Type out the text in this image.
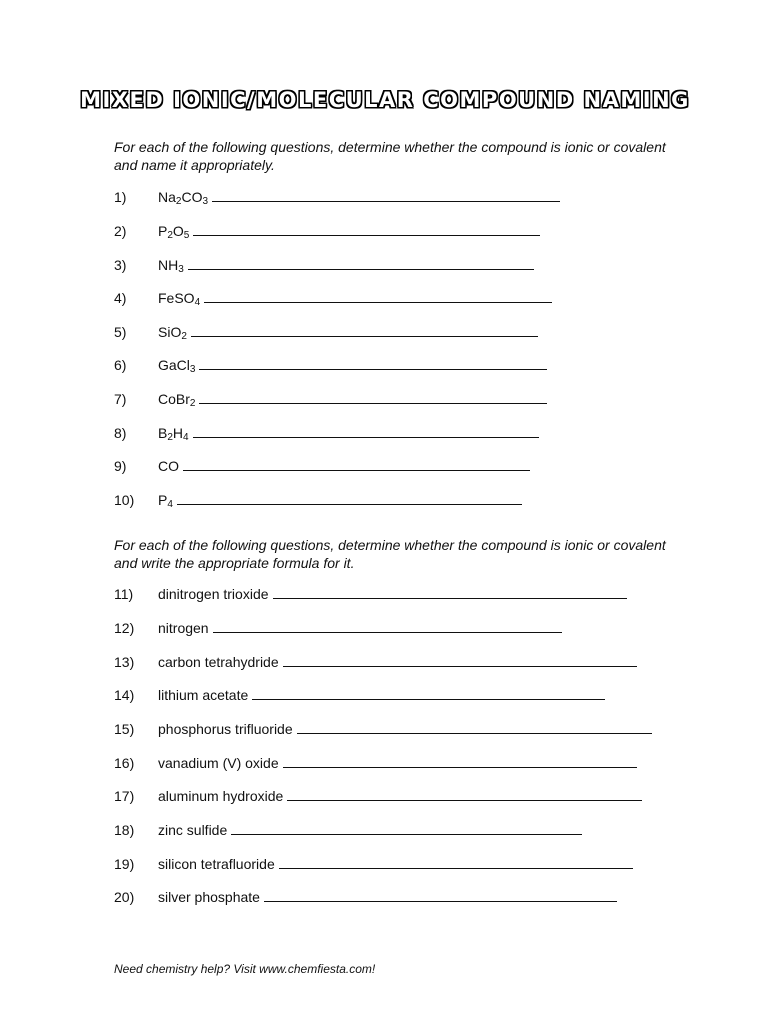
MIXED IONIC/MOLECULAR COMPOUND NAMING
For each of the following questions, determine whether the compound is ionic or covalent and name it appropriately.
1) $Na_2CO_3$
2) $P_2O_5$
3) $NH_3$
4) FeSO$_4$
5) SiO$_2$
6) GaCl$_3$
7) CoBr$_2$
8) $B_2H_4$
9) CO
10) $P_4$
11) dinitrogen trioxide
12) nitrogen
13) carbon tetrahydride
14) lithium acetate
15) phosphorus trifluoride
16) vanadium (V) oxide
17) aluminum hydroxide
18) zinc sulfide
19) silicon tetrafluoride
20) silver phosphate
For each of the following questions, determine whether the compound is ionic or covalent and write the appropriate formula for it.
Need chemistry help? Visit www.chemfiesta.com!
